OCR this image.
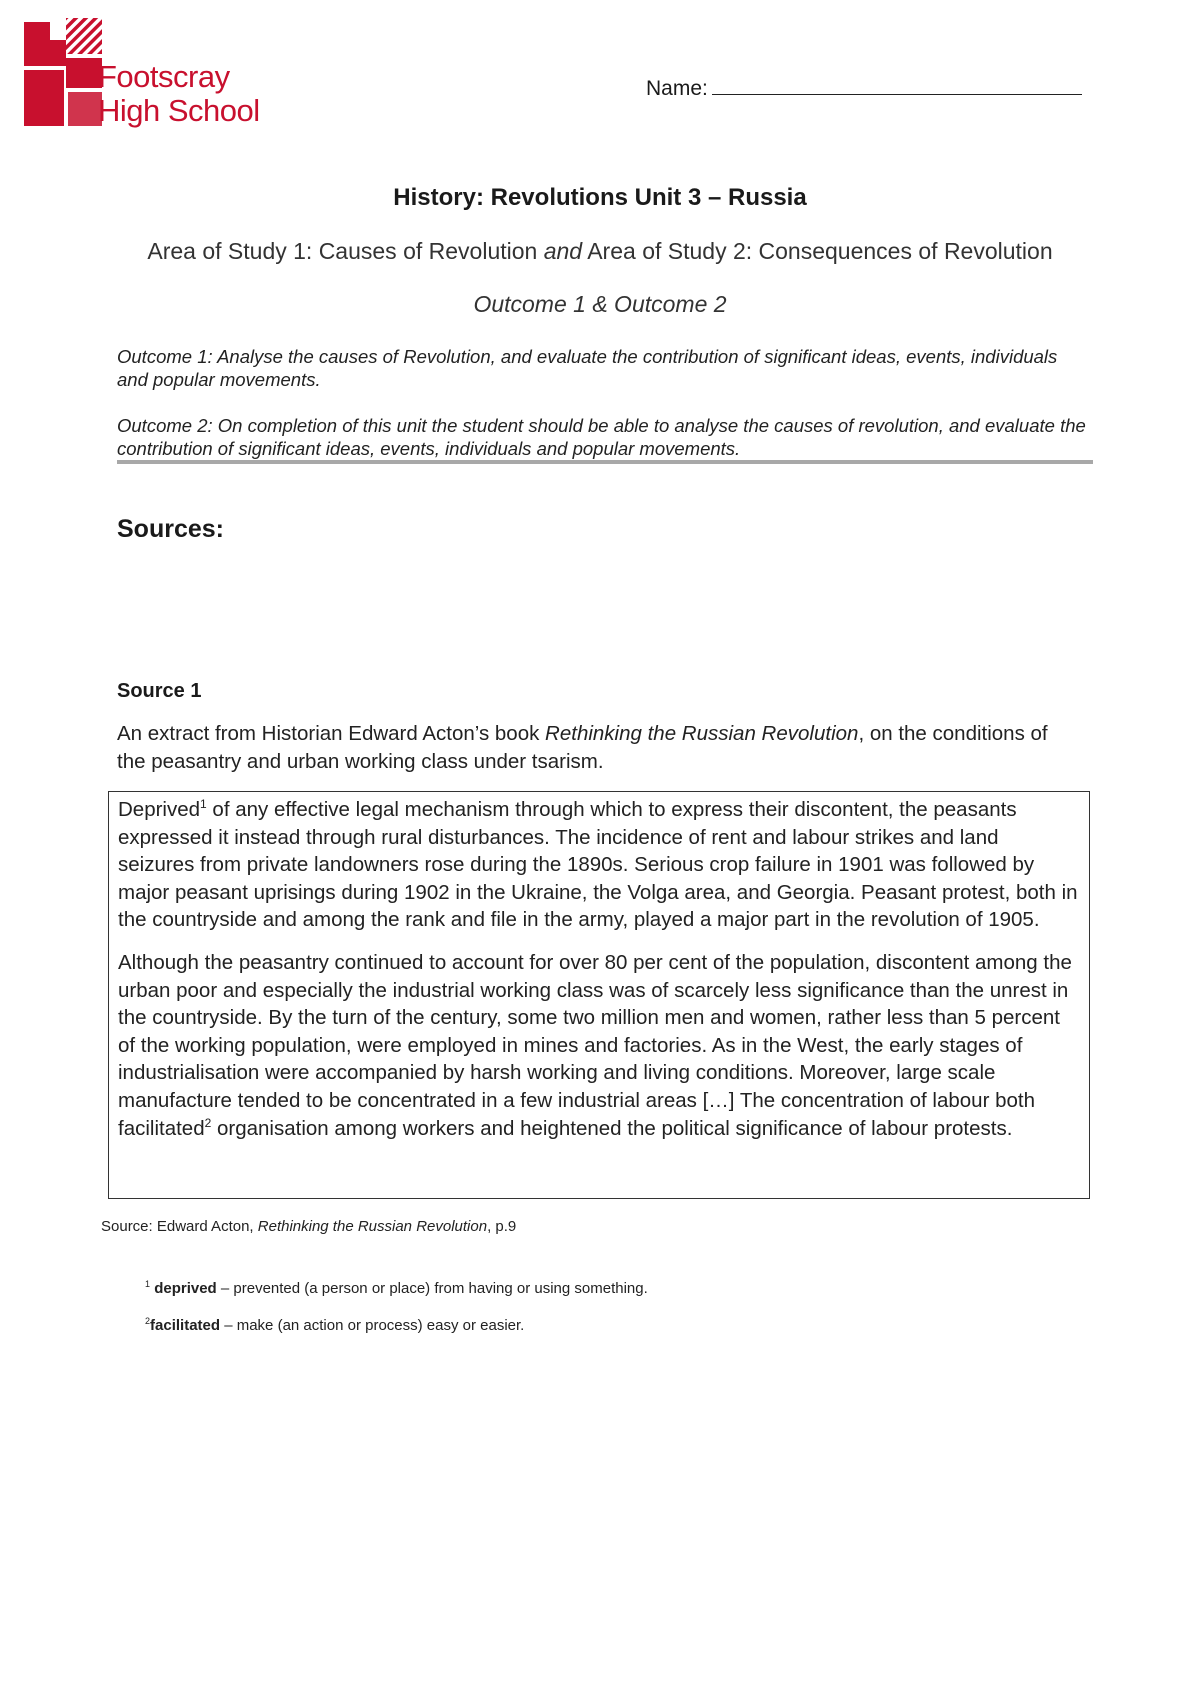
Footscray
High School
Name:
History: Revolutions Unit 3 – Russia
Area of Study 1: Causes of Revolution and Area of Study 2: Consequences of Revolution
Outcome 1 & Outcome 2
Outcome 1: Analyse the causes of Revolution, and evaluate the contribution of significant ideas, events, individuals and popular movements.
Outcome 2: On completion of this unit the student should be able to analyse the causes of revolution, and evaluate the contribution of significant ideas, events, individuals and popular movements.
Sources:
Source 1
An extract from Historian Edward Acton’s book Rethinking the Russian Revolution, on the conditions of the peasantry and urban working class under tsarism.

Deprived$^1$ of any effective legal mechanism through which to express their discontent, the peasants expressed it instead through rural disturbances. The incidence of rent and labour strikes and land seizures from private landowners rose during the 1890s. Serious crop failure in 1901 was followed by major peasant uprisings during 1902 in the Ukraine, the Volga area, and Georgia. Peasant protest, both in the countryside and among the rank and file in the army, played a major part in the revolution of 1905.

Although the peasantry continued to account for over 80 per cent of the population, discontent among the urban poor and especially the industrial working class was of scarcely less significance than the unrest in the countryside. By the turn of the century, some two million men and women, rather less than 5 percent of the working population, were employed in mines and factories. As in the West, the early stages of industrialisation were accompanied by harsh working and living conditions. Moreover, large scale manufacture tended to be concentrated in a few industrial areas […] The concentration of labour both facilitated$^2$ organisation among workers and heightened the political significance of labour protests.

Source: Edward Acton, Rethinking the Russian Revolution, p.9
$^1$ deprived – prevented (a person or place) from having or using something.
$^2$facilitated – make (an action or process) easy or easier.
